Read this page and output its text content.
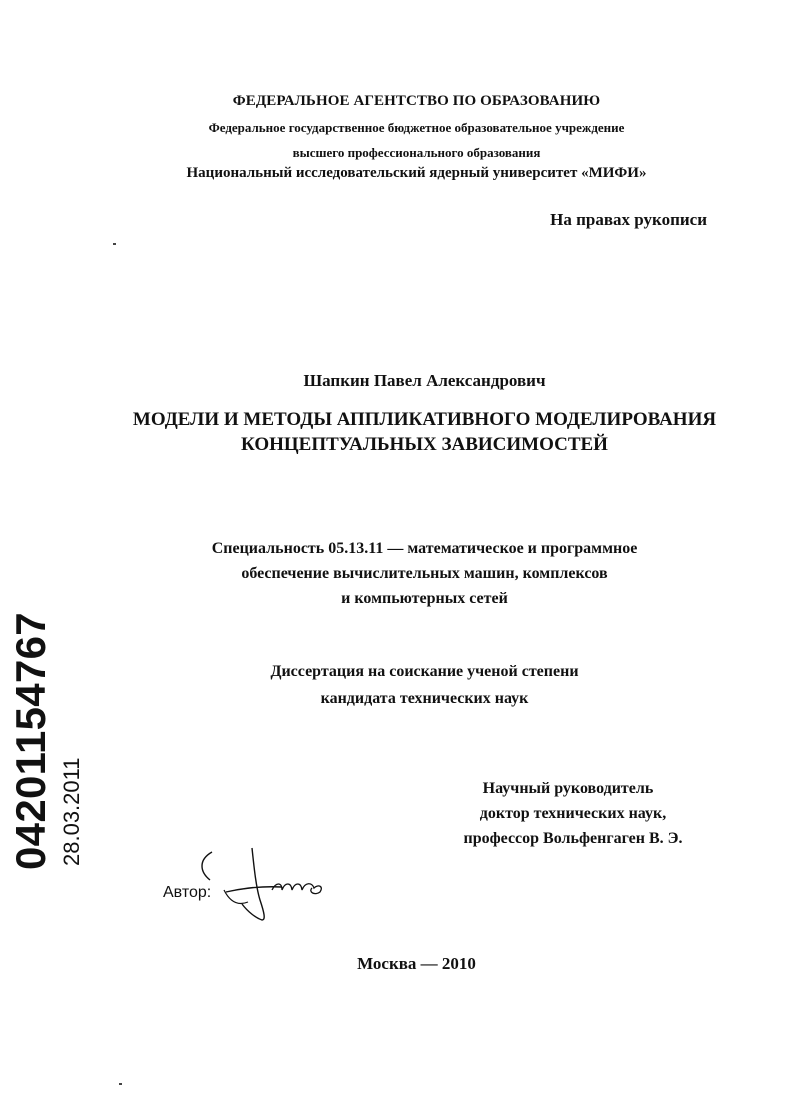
ФЕДЕРАЛЬНОЕ АГЕНТСТВО ПО ОБРАЗОВАНИЮ
Федеральное государственное бюджетное образовательное учреждение
высшего профессионального образования
Национальный исследовательский ядерный университет «МИФИ»
На правах рукописи
Шапкин Павел Александрович
МОДЕЛИ И МЕТОДЫ АППЛИКАТИВНОГО МОДЕЛИРОВАНИЯ
КОНЦЕПТУАЛЬНЫХ ЗАВИСИМОСТЕЙ
Специальность 05.13.11 — математическое и программное
обеспечение вычислительных машин, комплексов
и компьютерных сетей
Диссертация на соискание ученой степени
кандидата технических наук
Научный руководитель
доктор технических наук,
профессор Вольфенгаген В. Э.
Автор:
Москва — 2010
04201154767 28.03.2011
